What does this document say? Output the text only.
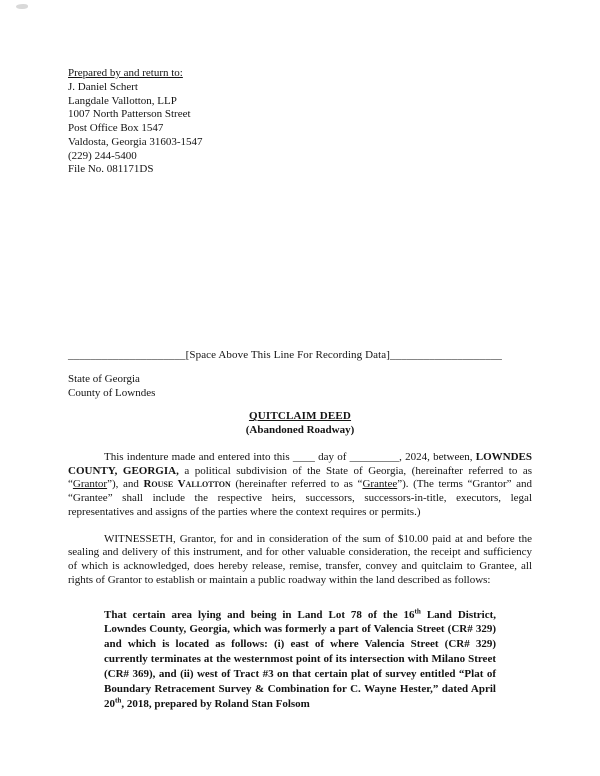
Prepared by and return to:
J. Daniel Schert
Langdale Vallotton, LLP
1007 North Patterson Street
Post Office Box 1547
Valdosta, Georgia 31603-1547
(229) 244-5400
File No. 081171DS
_____________________[Space Above This Line For Recording Data]____________________
State of Georgia
County of Lowndes
QUITCLAIM DEED
(Abandoned Roadway)

This indenture made and entered into this ____ day of _________, 2024, between, LOWNDES COUNTY, GEORGIA, a political subdivision of the State of Georgia, (hereinafter referred to as “Grantor”), and Rouse Vallotton (hereinafter referred to as “Grantee”). (The terms “Grantor” and “Grantee” shall include the respective heirs, successors, successors-in-title, executors, legal representatives and assigns of the parties where the context requires or permits.)

WITNESSETH, Grantor, for and in consideration of the sum of $10.00 paid at and before the sealing and delivery of this instrument, and for other valuable consideration, the receipt and sufficiency of which is acknowledged, does hereby release, remise, transfer, convey and quitclaim to Grantee, all rights of Grantor to establish or maintain a public roadway within the land described as follows:

That certain area lying and being in Land Lot 78 of the 16th Land District, Lowndes County, Georgia, which was formerly a part of Valencia Street (CR# 329) and which is located as follows: (i) east of where Valencia Street (CR# 329) currently terminates at the westernmost point of its intersection with Milano Street (CR# 369), and (ii) west of Tract #3 on that certain plat of survey entitled “Plat of Boundary Retracement Survey & Combination for C. Wayne Hester,” dated April 20th, 2018, prepared by Roland Stan Folsom
